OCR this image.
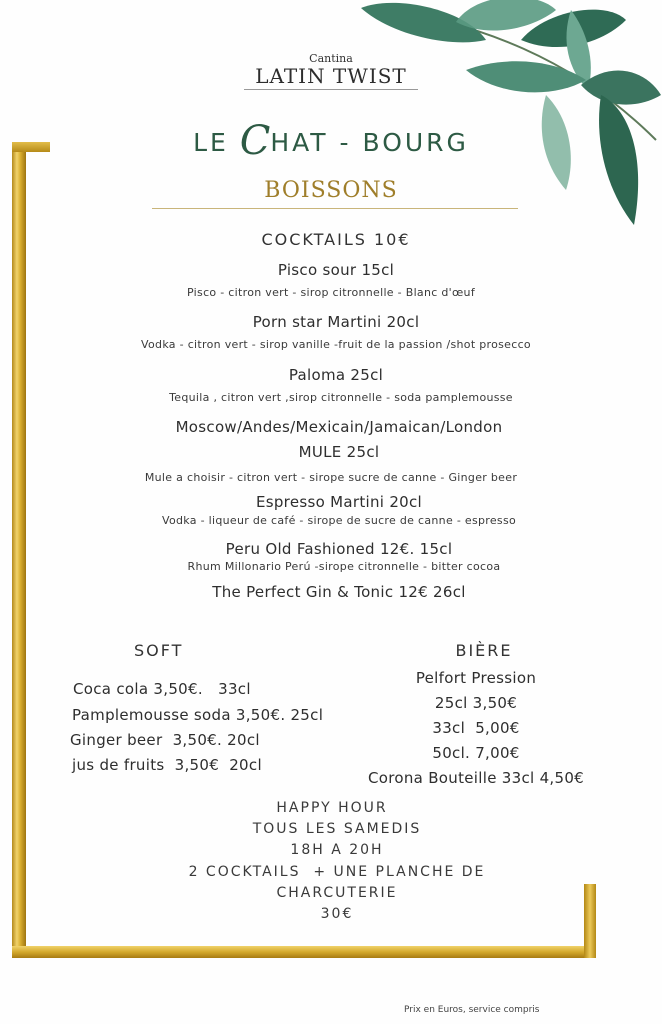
Cantina
LATIN TWIST
LE CHAT - BOURG
BOISSONS
COCKTAILS 10€
Pisco sour 15cl
Pisco - citron vert - sirop citronnelle - Blanc d'œuf
Porn star Martini 20cl
Vodka - citron vert - sirop vanille -fruit de la passion /shot prosecco
Paloma 25cl
Tequila , citron vert ,sirop citronnelle - soda pamplemousse
Moscow/Andes/Mexicain/Jamaican/London
MULE 25cl
Mule a choisir - citron vert - sirope sucre de canne - Ginger beer
Espresso Martini 20cl
Vodka - liqueur de café - sirope de sucre de canne - espresso
Peru Old Fashioned 12€. 15cl
Rhum Millonario Perú -sirope citronnelle - bitter cocoa
The Perfect Gin & Tonic 12€ 26cl
SOFT
Coca cola 3,50€.   33cl
Pamplemousse soda 3,50€. 25cl
Ginger beer  3,50€. 20cl
jus de fruits  3,50€  20cl
BIÈRE
Pelfort Pression
25cl 3,50€
33cl  5,00€
50cl. 7,00€
Corona Bouteille 33cl 4,50€
HAPPY HOUR
TOUS LES SAMEDIS
18H A 20H
2 COCKTAILS  + UNE PLANCHE DE
CHARCUTERIE
30€
Prix en Euros, service compris
